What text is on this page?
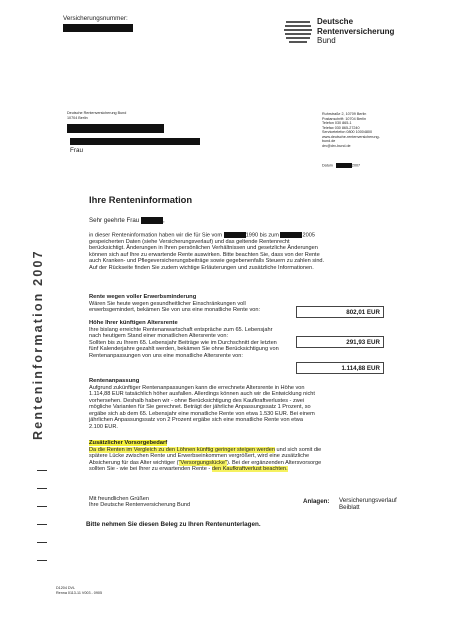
Versicherungsnummer:	Deutsche
Rentenversicherung
Bund
Deutsche Rentenversicherung Bund
10704 Berlin
Frau
Ruhrstraße 2, 10709 Berlin
Postanschrift: 10704 Berlin
Telefon 030 865-1
Telefax 030 865-27240
Servicetelefon 0800 10004800
www.deutsche-rentenversicherung-
bund.de
drv@drv-bund.de
Datum	2007
Renteninformation 2007
Ihre Renteninformation
Sehr geehrte Frau	,
in dieser Renteninformation haben wir die für Sie vom	1990 bis zum	2005
gespeicherten Daten (siehe Versicherungsverlauf) und das geltende Rentenrecht
berücksichtigt. Änderungen in Ihren persönlichen Verhältnissen und gesetzliche Änderungen
können sich auf Ihre zu erwartende Rente auswirken. Bitte beachten Sie, dass von der Rente
auch Kranken- und Pflegeversicherungsbeiträge sowie gegebenenfalls Steuern zu zahlen sind.
Auf der Rückseite finden Sie zudem wichtige Erläuterungen und zusätzliche Informationen.
Rente wegen voller Erwerbsminderung
Wären Sie heute wegen gesundheitlicher Einschränkungen voll
erwerbsgemindert, bekämen Sie von uns eine monatliche Rente von:	802,01 EUR
Höhe Ihrer künftigen Altersrente
Ihre bislang erreichte Rentenanwartschaft entspräche zum 65. Lebensjahr
nach heutigem Stand einer monatlichen Altersrente von:
Sollten bis zu Ihrem 65. Lebensjahr Beiträge wie im Durchschnitt der letzten
fünf Kalenderjahre gezahlt werden, bekämen Sie ohne Berücksichtigung von
Rentenanpassungen von uns eine monatliche Altersrente von:
291,93 EUR
1.114,88 EUR
Rentenanpassung
Aufgrund zukünftiger Rentenanpassungen kann die errechnete Altersrente in Höhe von
1.114,88 EUR tatsächlich höher ausfallen. Allerdings können auch wir die Entwicklung nicht
vorhersehen. Deshalb haben wir - ohne Berücksichtigung des Kaufkraftverlustes - zwei
mögliche Varianten für Sie gerechnet. Beträgt der jährliche Anpassungssatz 1 Prozent, so
ergäbe sich ab dem 65. Lebensjahr eine monatliche Rente von etwa 1.530 EUR. Bei einem
jährlichen Anpassungssatz von 2 Prozent ergäbe sich eine monatliche Rente von etwa
2.100 EUR.
Zusätzlicher Vorsorgebedarf
Da die Renten im Vergleich zu den Löhnen künftig geringer steigen werden und sich somit die
spätere Lücke zwischen Rente und Erwerbseinkommen vergrößert, wird eine zusätzliche
Absicherung für das Alter wichtiger ("Versorgungslücke"). Bei der ergänzenden Altersvorsorge
sollten Sie - wie bei Ihrer zu erwartenden Rente - den Kaufkraftverlust beachten.
Mit freundlichen Grüßen
Ihre Deutsche Rentenversicherung Bund
Anlagen: Versicherungsverlauf
Beiblatt
Bitte nehmen Sie diesen Beleg zu Ihren Rentenunterlagen.
D1204 DVL
Renna 0113-11 V003 - 0905
